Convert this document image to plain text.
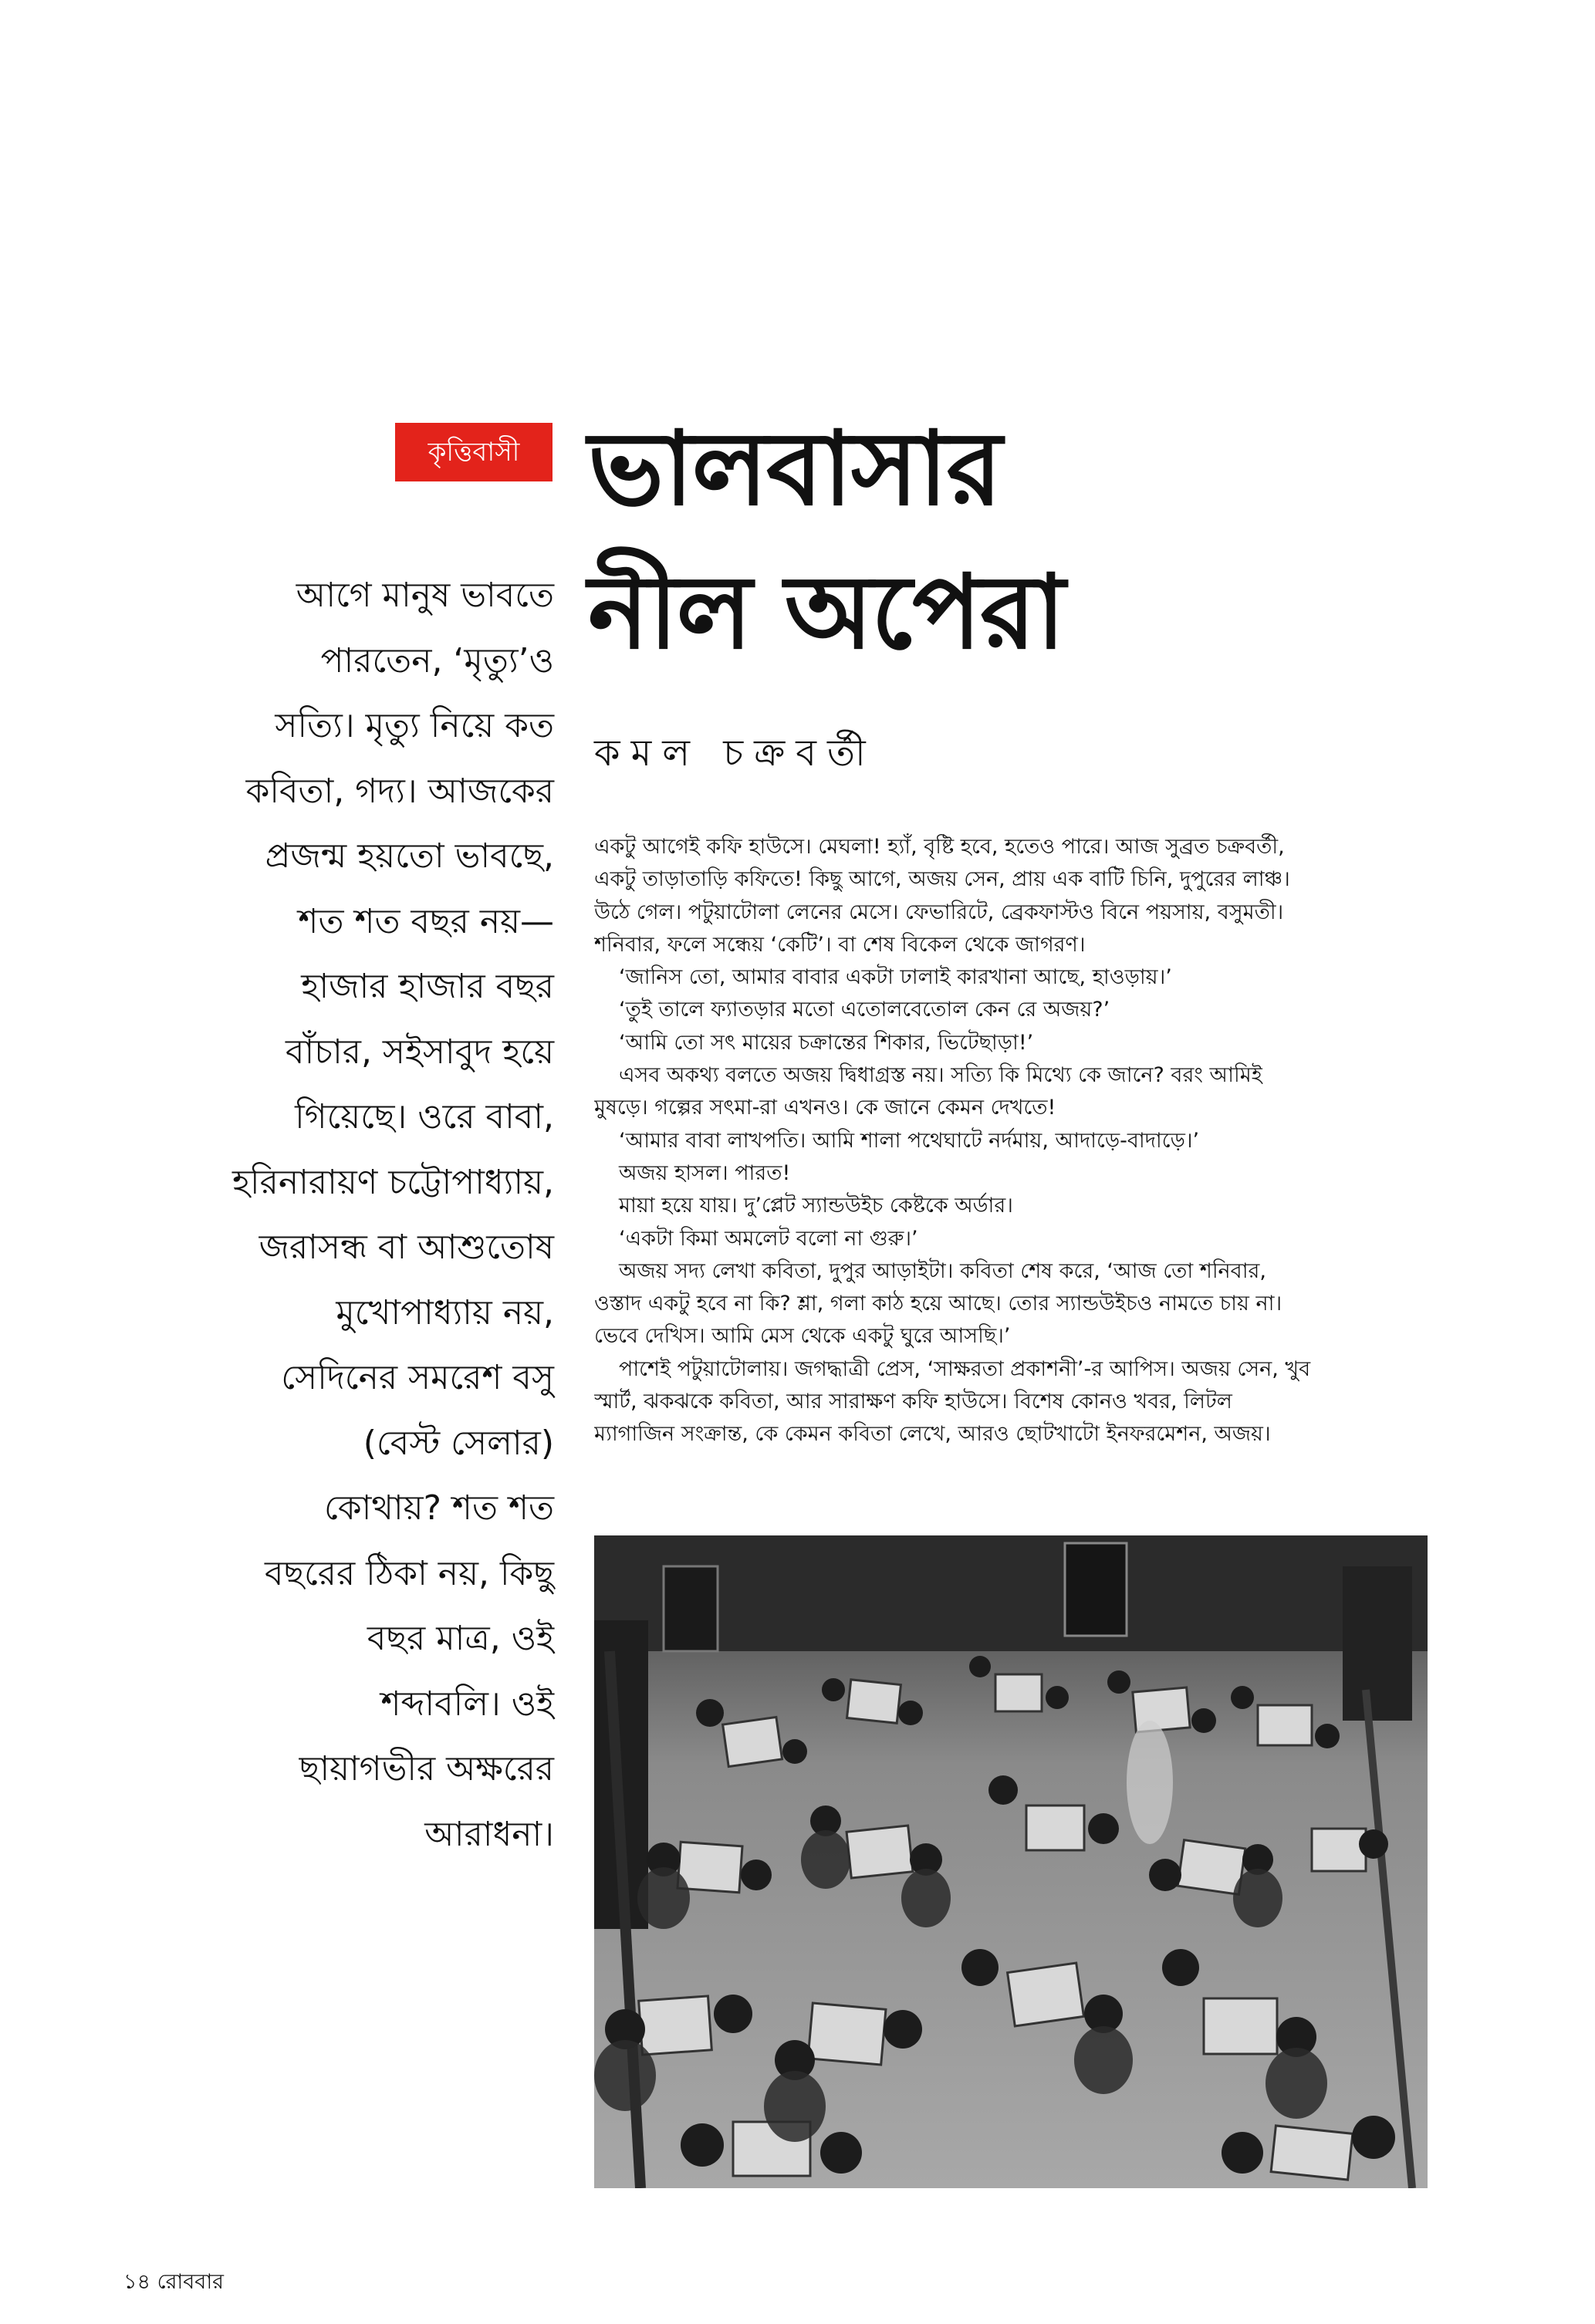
কৃত্তিবাসী ভালবাসার
নীল অপেরা
কমল চক্রবর্তী
আগে মানুষ ভাবতে
পারতেন, ‘মৃত্যু’ও
সত্যি। মৃত্যু নিয়ে কত
কবিতা, গদ্য। আজকের
প্রজন্ম হয়তো ভাবছে,
শত শত বছর নয়—
হাজার হাজার বছর
বাঁচার, সইসাবুদ হয়ে
গিয়েছে। ওরে বাবা,
হরিনারায়ণ চট্টোপাধ্যায়,
জরাসন্ধ বা আশুতোষ
মুখোপাধ্যায় নয়,
সেদিনের সমরেশ বসু
(বেস্ট সেলার)
কোথায়? শত শত
বছরের ঠিকা নয়, কিছু
বছর মাত্র, ওই
শব্দাবলি। ওই
ছায়াগভীর অক্ষরের
আরাধনা।
একটু আগেই কফি হাউসে। মেঘলা! হ্যাঁ, বৃষ্টি হবে, হতেও পারে। আজ সুব্রত চক্রবর্তী,
একটু তাড়াতাড়ি কফিতে! কিছু আগে, অজয় সেন, প্রায় এক বাটি চিনি, দুপুরের লাঞ্চ।
উঠে গেল। পটুয়াটোলা লেনের মেসে। ফেভারিটে, ব্রেকফাস্টও বিনে পয়সায়, বসুমতী।
শনিবার, ফলে সন্ধেয় ‘কেটি’। বা শেষ বিকেল থেকে জাগরণ।
‘জানিস তো, আমার বাবার একটা ঢালাই কারখানা আছে, হাওড়ায়।’
‘তুই তালে ফ্যাতড়ার মতো এতোলবেতোল কেন রে অজয়?’
‘আমি তো সৎ মায়ের চক্রান্তের শিকার, ভিটেছাড়া!’
এসব অকথ্য বলতে অজয় দ্বিধাগ্রস্ত নয়। সত্যি কি মিথ্যে কে জানে? বরং আমিই
মুষড়ে। গল্পের সৎমা-রা এখনও। কে জানে কেমন দেখতে!
‘আমার বাবা লাখপতি। আমি শালা পথেঘাটে নর্দমায়, আদাড়ে-বাদাড়ে।’
অজয় হাসল। পারত!
মায়া হয়ে যায়। দু’প্লেট স্যান্ডউইচ কেষ্টকে অর্ডার।
‘একটা কিমা অমলেট বলো না গুরু।’
অজয় সদ্য লেখা কবিতা, দুপুর আড়াইটা। কবিতা শেষ করে, ‘আজ তো শনিবার,
ওস্তাদ একটু হবে না কি? শ্লা, গলা কাঠ হয়ে আছে। তোর স্যান্ডউইচও নামতে চায় না।
ভেবে দেখিস। আমি মেস থেকে একটু ঘুরে আসছি।’
পাশেই পটুয়াটোলায়। জগদ্ধাত্রী প্রেস, ‘সাক্ষরতা প্রকাশনী’-র আপিস। অজয় সেন, খুব
স্মার্ট, ঝকঝকে কবিতা, আর সারাক্ষণ কফি হাউসে। বিশেষ কোনও খবর, লিটল
ম্যাগাজিন সংক্রান্ত, কে কেমন কবিতা লেখে, আরও ছোটখাটো ইনফরমেশন, অজয়।
১৪ রোববার
